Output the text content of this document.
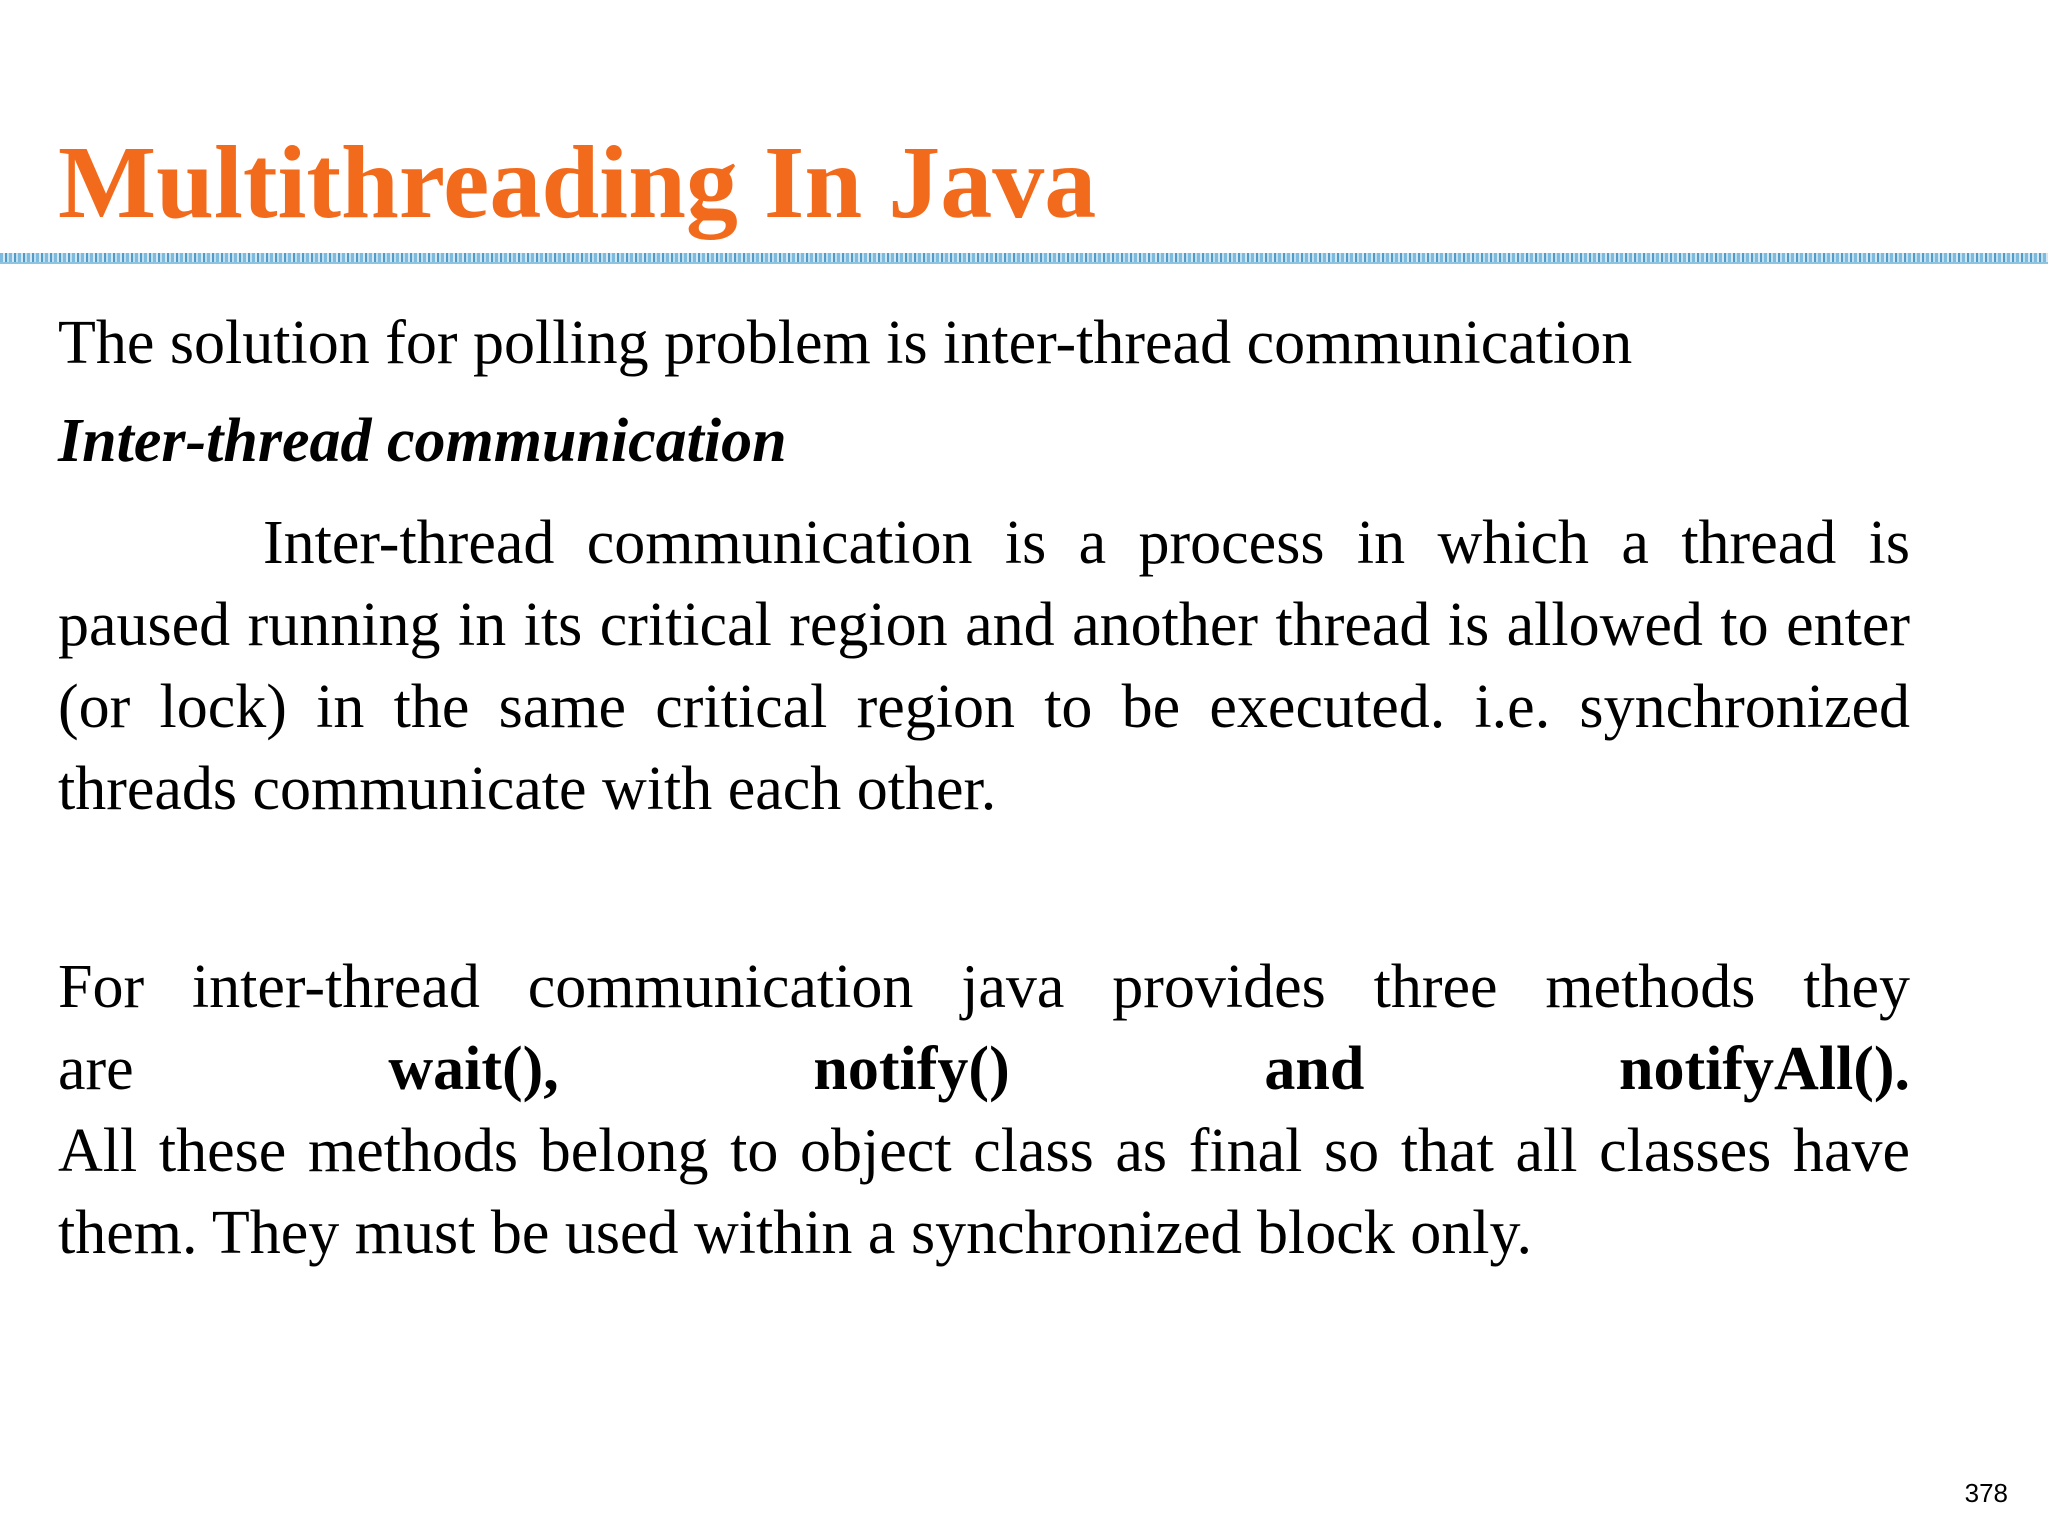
Multithreading In Java

The solution for polling problem is inter-thread communication

Inter-thread communication

Inter-thread communication is a process in which a thread is paused running in its critical region and another thread is allowed to enter (or lock) in the same critical region to be executed. i.e. synchronized threads communicate with each other.

For inter-thread communication java provides three methods they
are	wait(),	notify()	and	notifyAll().
All these methods belong to object class as final so that all classes have them. They must be used within a synchronized block only.
378
